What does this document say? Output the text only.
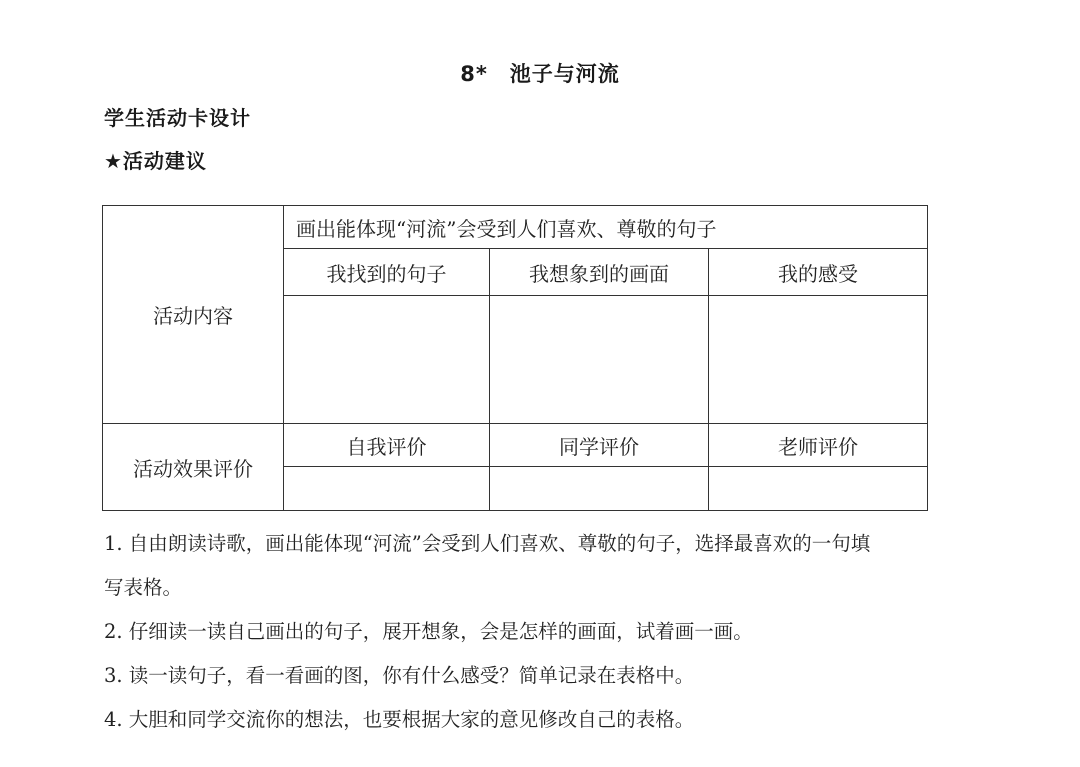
8*　池子与河流
学生活动卡设计
★活动建议
活动内容	画出能体现“河流”会受到人们喜欢、尊敬的句子		
	我找到的句子	我想象到的画面	我的感受

活动效果评价	自我评价	同学评价	老师评价

1. 自由朗读诗歌，画出能体现“河流”会受到人们喜欢、尊敬的句子，选择最喜欢的一句填

写表格。

2. 仔细读一读自己画出的句子，展开想象，会是怎样的画面，试着画一画。

3. 读一读句子，看一看画的图，你有什么感受？简单记录在表格中。

4. 大胆和同学交流你的想法，也要根据大家的意见修改自己的表格。
